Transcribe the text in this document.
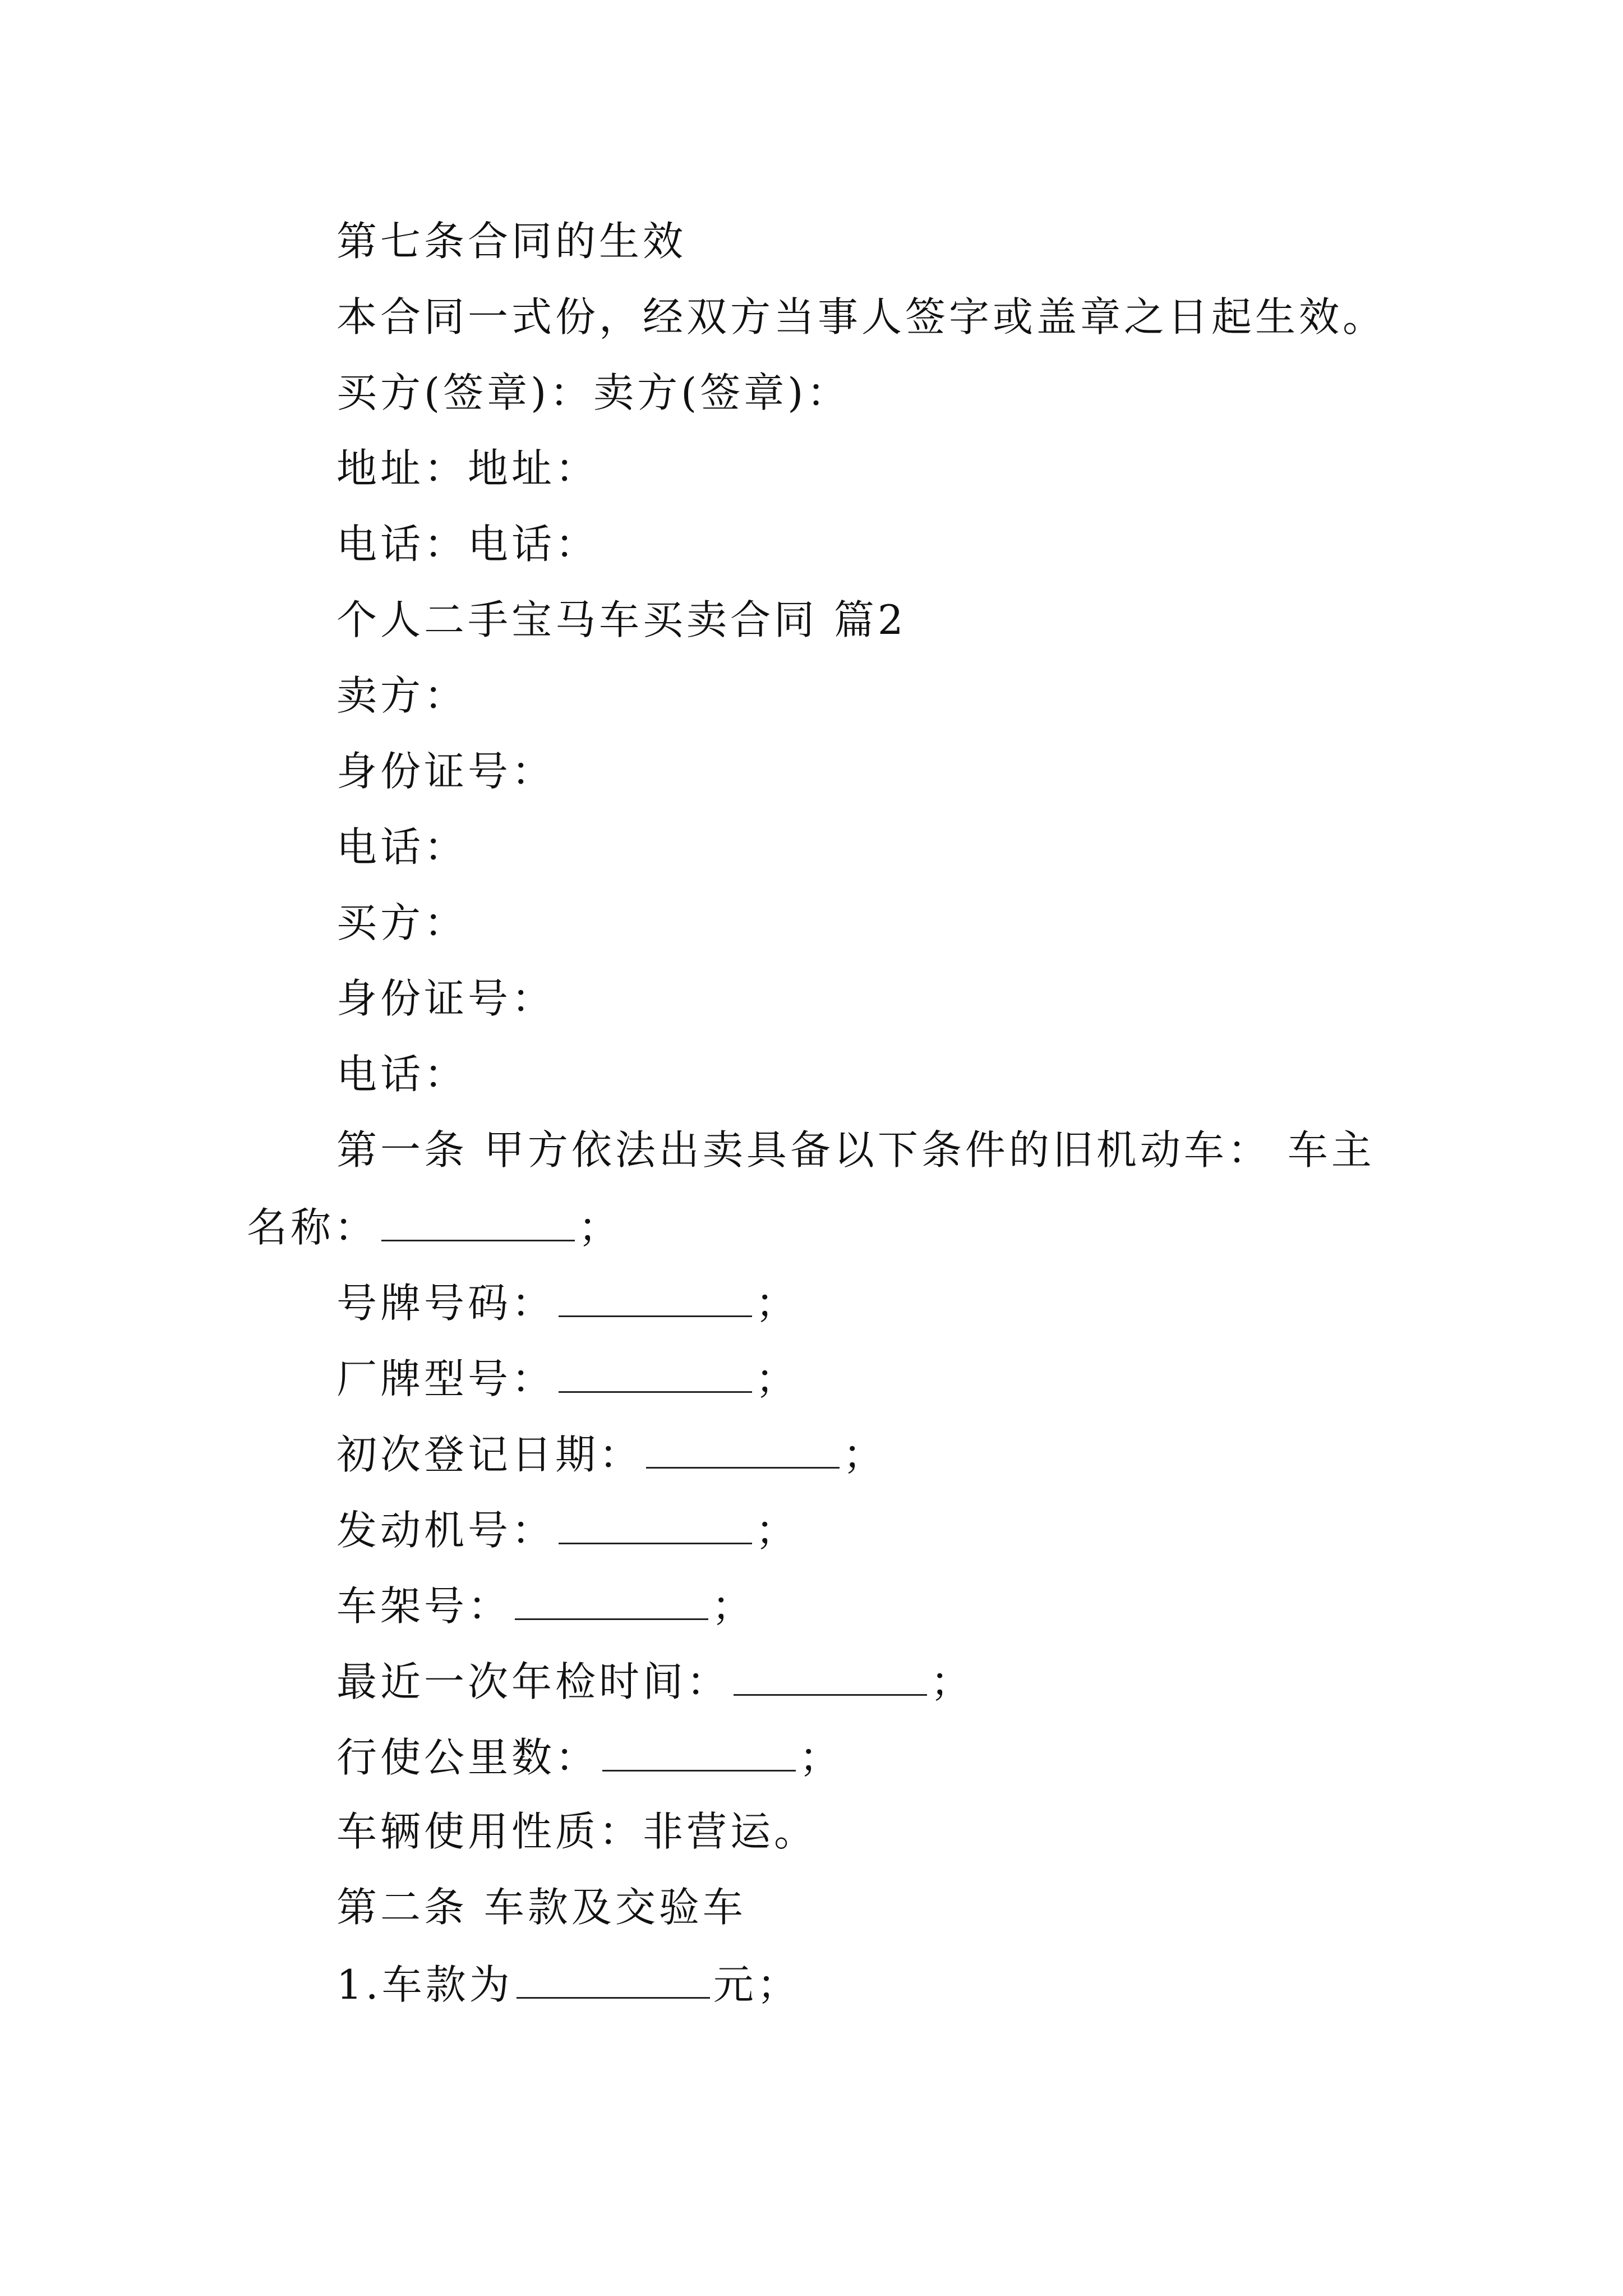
第七条合同的生效
本合同一式份，经双方当事人签字或盖章之日起生效。
买方(签章)：卖方(签章)：
地址：地址：
电话：电话：
个人二手宝马车买卖合同 篇2
卖方：
身份证号：
电话：
买方：
身份证号：
电话：
第一条 甲方依法出卖具备以下条件的旧机动车： 车主
名称：	；
号牌号码：	；
厂牌型号：	；
初次登记日期：	；
发动机号：	；
车架号：	；
最近一次年检时间：	；
行使公里数：	；
车辆使用性质：非营运。
第二条 车款及交验车
1.车款为	元；
